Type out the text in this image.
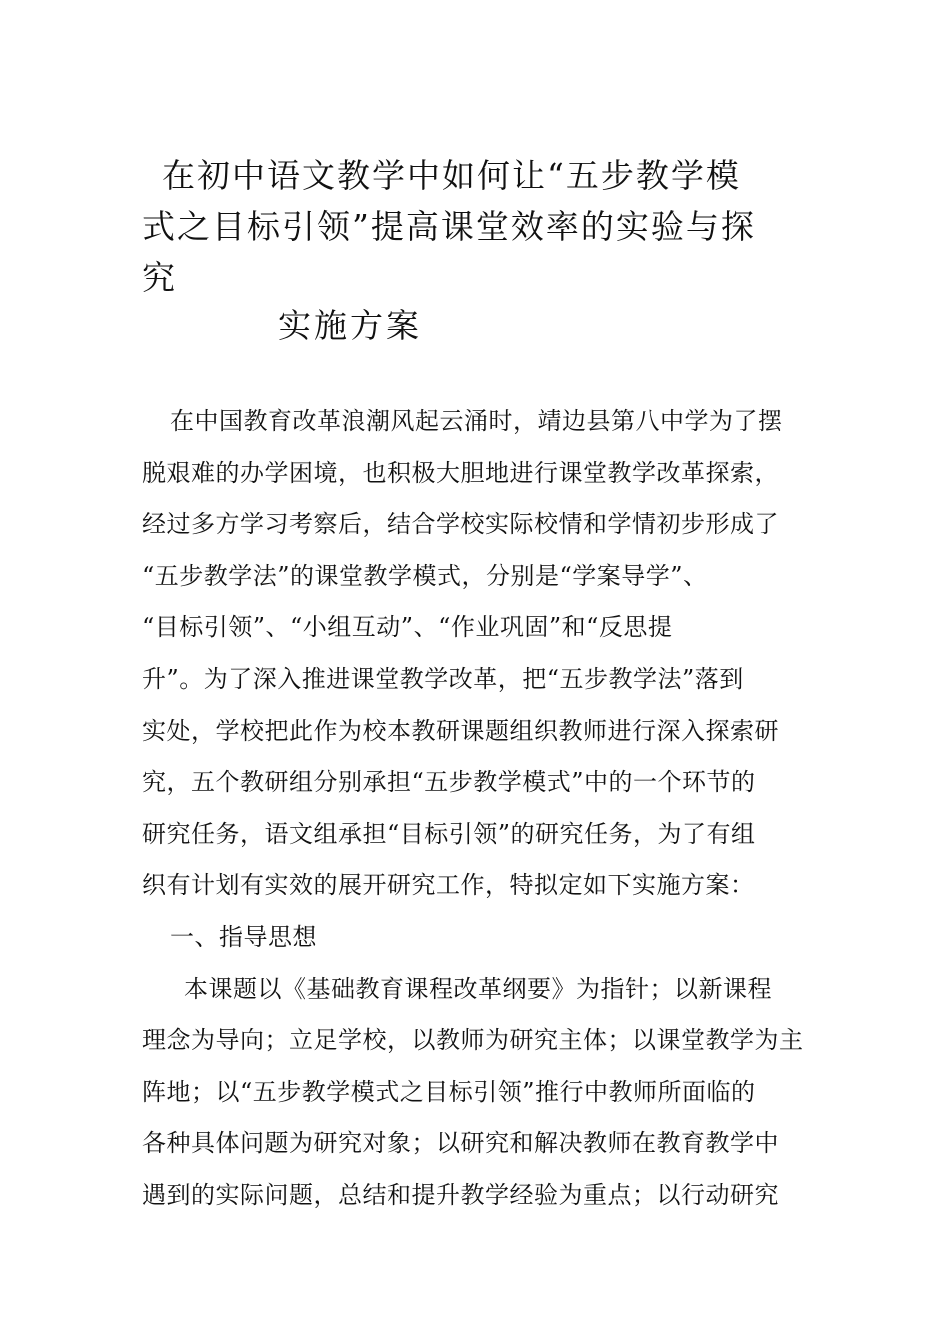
在初中语文教学中如何让“五步教学模
式之目标引领”提高课堂效率的实验与探
究
实施方案
在中国教育改革浪潮风起云涌时，靖边县第八中学为了摆
脱艰难的办学困境，也积极大胆地进行课堂教学改革探索，
经过多方学习考察后，结合学校实际校情和学情初步形成了
“五步教学法”的课堂教学模式，分别是“学案导学”、
“目标引领”、“小组互动”、“作业巩固”和“反思提
升”。为了深入推进课堂教学改革，把“五步教学法”落到
实处，学校把此作为校本教研课题组织教师进行深入探索研
究，五个教研组分别承担“五步教学模式”中的一个环节的
研究任务，语文组承担“目标引领”的研究任务，为了有组
织有计划有实效的展开研究工作，特拟定如下实施方案：
一、指导思想
本课题以《基础教育课程改革纲要》为指针；以新课程
理念为导向；立足学校，以教师为研究主体；以课堂教学为主
阵地；以“五步教学模式之目标引领”推行中教师所面临的
各种具体问题为研究对象；以研究和解决教师在教育教学中
遇到的实际问题，总结和提升教学经验为重点；以行动研究
